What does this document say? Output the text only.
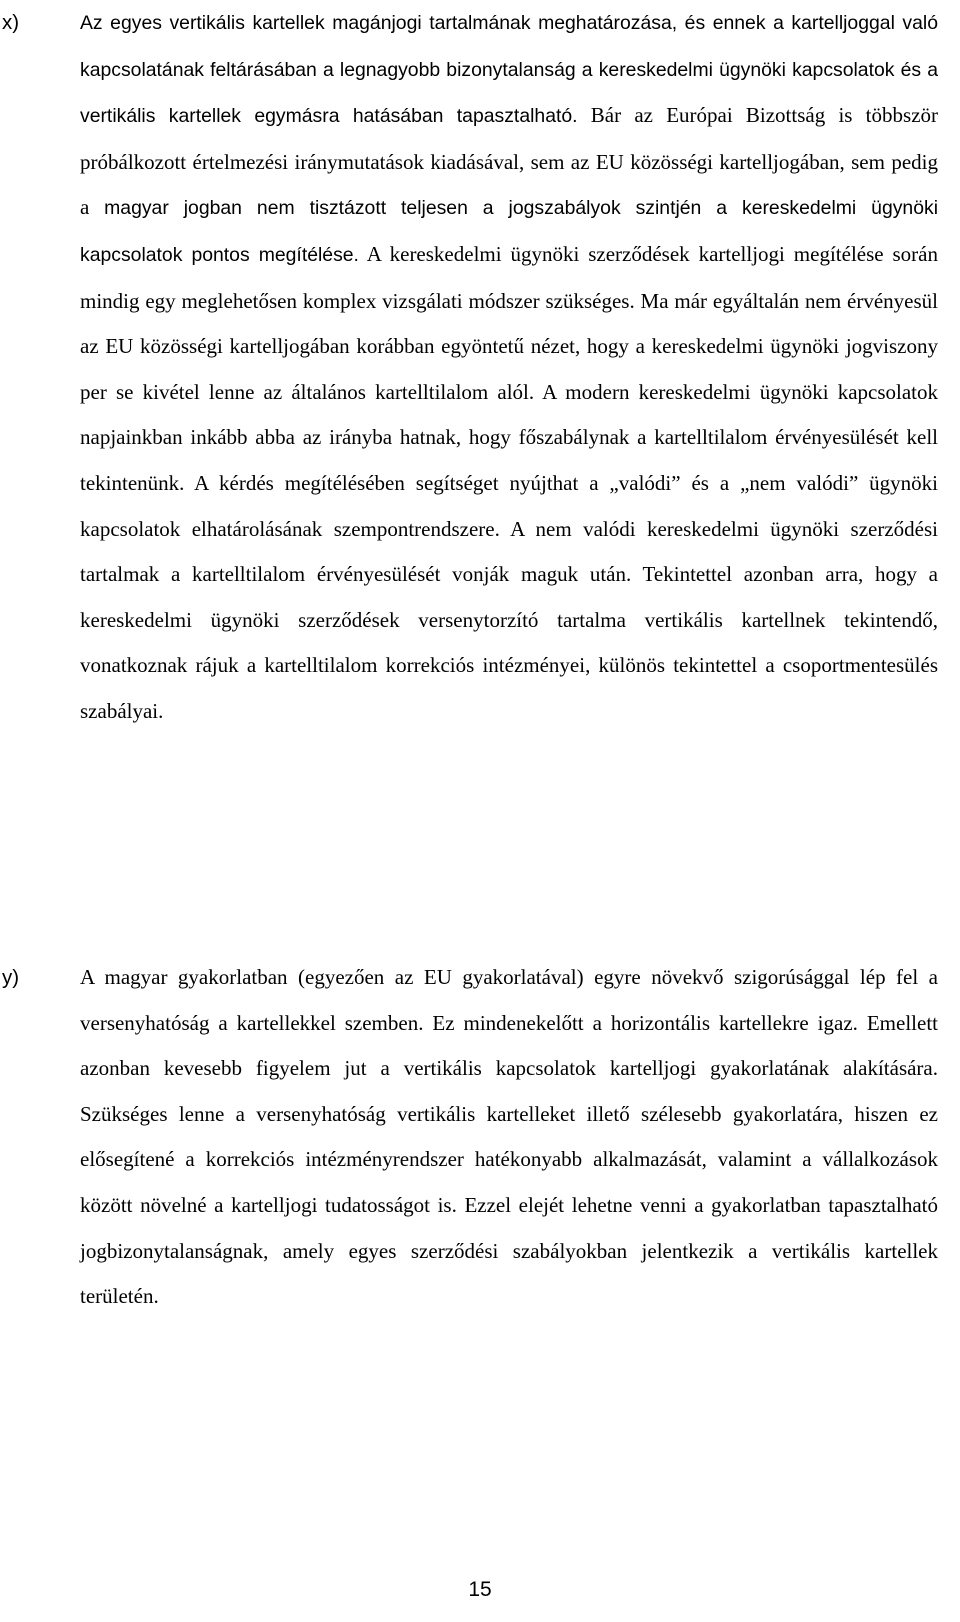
x)	Az egyes vertikális kartellek magánjogi tartalmának meghatározása, és ennek a kartelljoggal való kapcsolatának feltárásában a legnagyobb bizonytalanság a kereskedelmi ügynöki kapcsolatok és a vertikális kartellek egymásra hatásában tapasztalható. Bár az Európai Bizottság is többször próbálkozott értelmezési iránymutatások kiadásával, sem az EU közösségi kartelljogában, sem pedig a magyar jogban nem tisztázott teljesen a jogszabályok szintjén a kereskedelmi ügynöki kapcsolatok pontos megítélése. A kereskedelmi ügynöki szerződések kartelljogi megítélése során mindig egy meglehetősen komplex vizsgálati módszer szükséges. Ma már egyáltalán nem érvényesül az EU közösségi kartelljogában korábban egyöntetű nézet, hogy a kereskedelmi ügynöki jogviszony per se kivétel lenne az általános kartelltilalom alól. A modern kereskedelmi ügynöki kapcsolatok napjainkban inkább abba az irányba hatnak, hogy főszabálynak a kartelltilalom érvényesülését kell tekintenünk. A kérdés megítélésében segítséget nyújthat a „valódi” és a „nem valódi” ügynöki kapcsolatok elhatárolásának szempontrendszere. A nem valódi kereskedelmi ügynöki szerződési tartalmak a kartelltilalom érvényesülését vonják maguk után. Tekintettel azonban arra, hogy a kereskedelmi ügynöki szerződések versenytorzító tartalma vertikális kartellnek tekintendő, vonatkoznak rájuk a kartelltilalom korrekciós intézményei, különös tekintettel a csoportmentesülés szabályai.

y)	A magyar gyakorlatban (egyezően az EU gyakorlatával) egyre növekvő szigorúsággal lép fel a versenyhatóság a kartellekkel szemben. Ez mindenekelőtt a horizontális kartellekre igaz. Emellett azonban kevesebb figyelem jut a vertikális kapcsolatok kartelljogi gyakorlatának alakítására. Szükséges lenne a versenyhatóság vertikális kartelleket illető szélesebb gyakorlatára, hiszen ez elősegítené a korrekciós intézményrendszer hatékonyabb alkalmazását, valamint a vállalkozások között növelné a kartelljogi tudatosságot is. Ezzel elejét lehetne venni a gyakorlatban tapasztalható jogbizonytalanságnak, amely egyes szerződési szabályokban jelentkezik a vertikális kartellek területén.

15
